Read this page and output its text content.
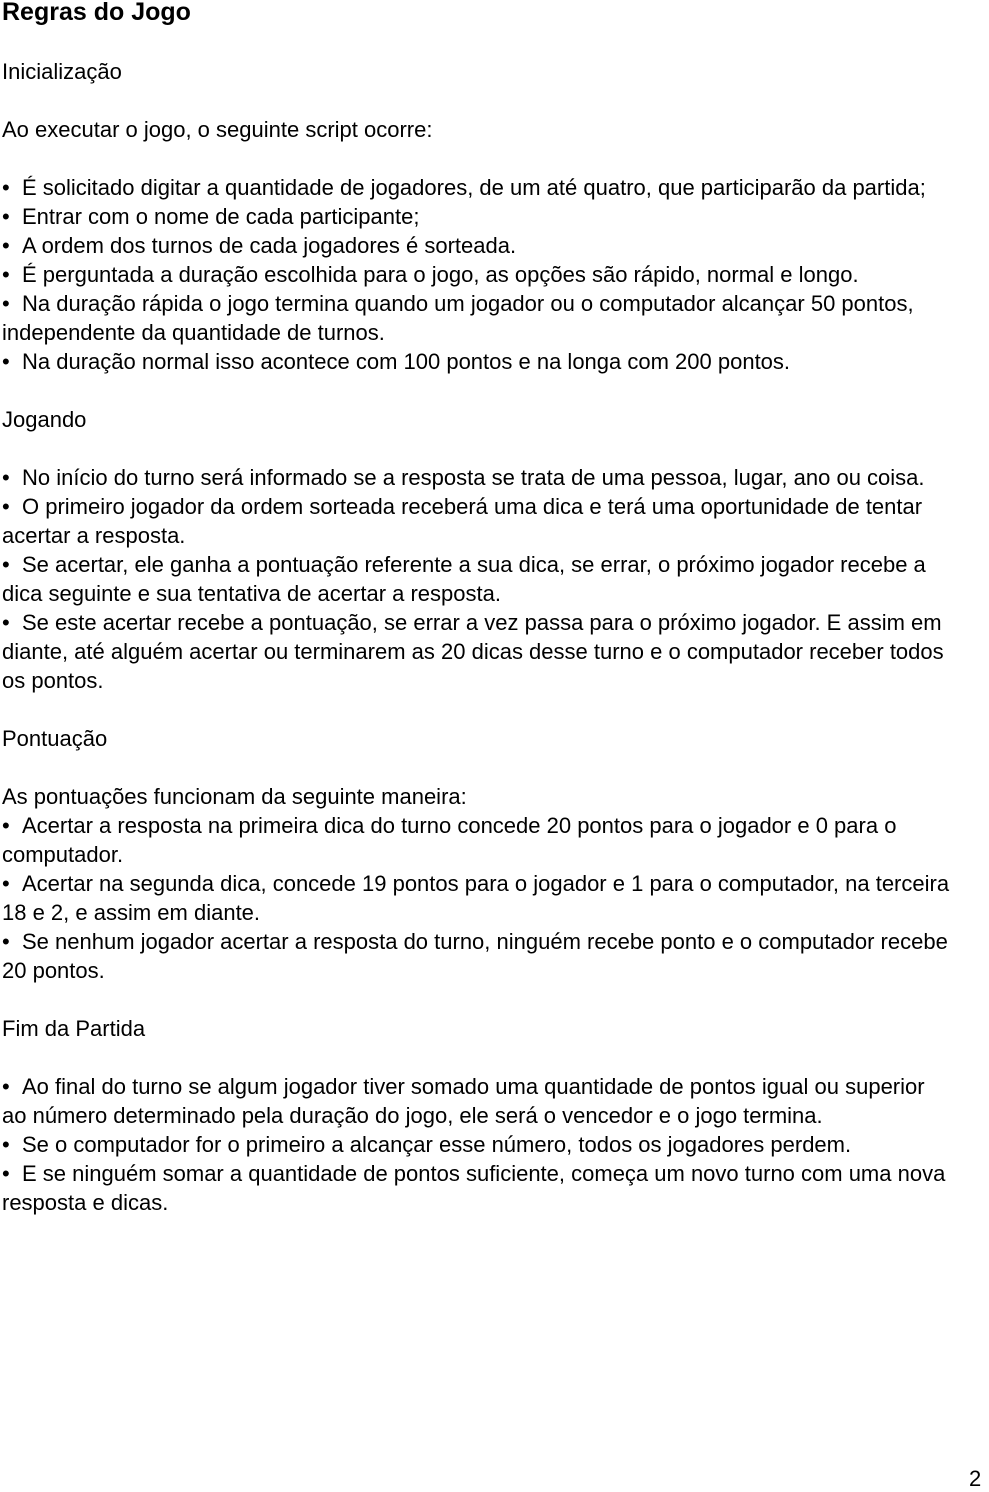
Regras do Jogo
Inicialização

Ao executar o jogo, o seguinte script ocorre:

• É solicitado digitar a quantidade de jogadores, de um até quatro, que participarão da partida;
• Entrar com o nome de cada participante;
• A ordem dos turnos de cada jogadores é sorteada.
• É perguntada a duração escolhida para o jogo, as opções são rápido, normal e longo.
• Na duração rápida o jogo termina quando um jogador ou o computador alcançar 50 pontos, independente da quantidade de turnos.
• Na duração normal isso acontece com 100 pontos e na longa com 200 pontos.
Jogando
• No início do turno será informado se a resposta se trata de uma pessoa, lugar, ano ou coisa.
• O primeiro jogador da ordem sorteada receberá uma dica e terá uma oportunidade de tentar acertar a resposta.
• Se acertar, ele ganha a pontuação referente a sua dica, se errar, o próximo jogador recebe a dica seguinte e sua tentativa de acertar a resposta.
• Se este acertar recebe a pontuação, se errar a vez passa para o próximo jogador. E assim em diante, até alguém acertar ou terminarem as 20 dicas desse turno e o computador receber todos os pontos.
Pontuação

As pontuações funcionam da seguinte maneira:

• Acertar a resposta na primeira dica do turno concede 20 pontos para o jogador e 0 para o computador.
• Acertar na segunda dica, concede 19 pontos para o jogador e 1 para o computador, na terceira 18 e 2, e assim em diante.
• Se nenhum jogador acertar a resposta do turno, ninguém recebe ponto e o computador recebe 20 pontos.
Fim da Partida
• Ao final do turno se algum jogador tiver somado uma quantidade de pontos igual ou superior ao número determinado pela duração do jogo, ele será o vencedor e o jogo termina.
• Se o computador for o primeiro a alcançar esse número, todos os jogadores perdem.
• E se ninguém somar a quantidade de pontos suficiente, começa um novo turno com uma nova resposta e dicas.
2
